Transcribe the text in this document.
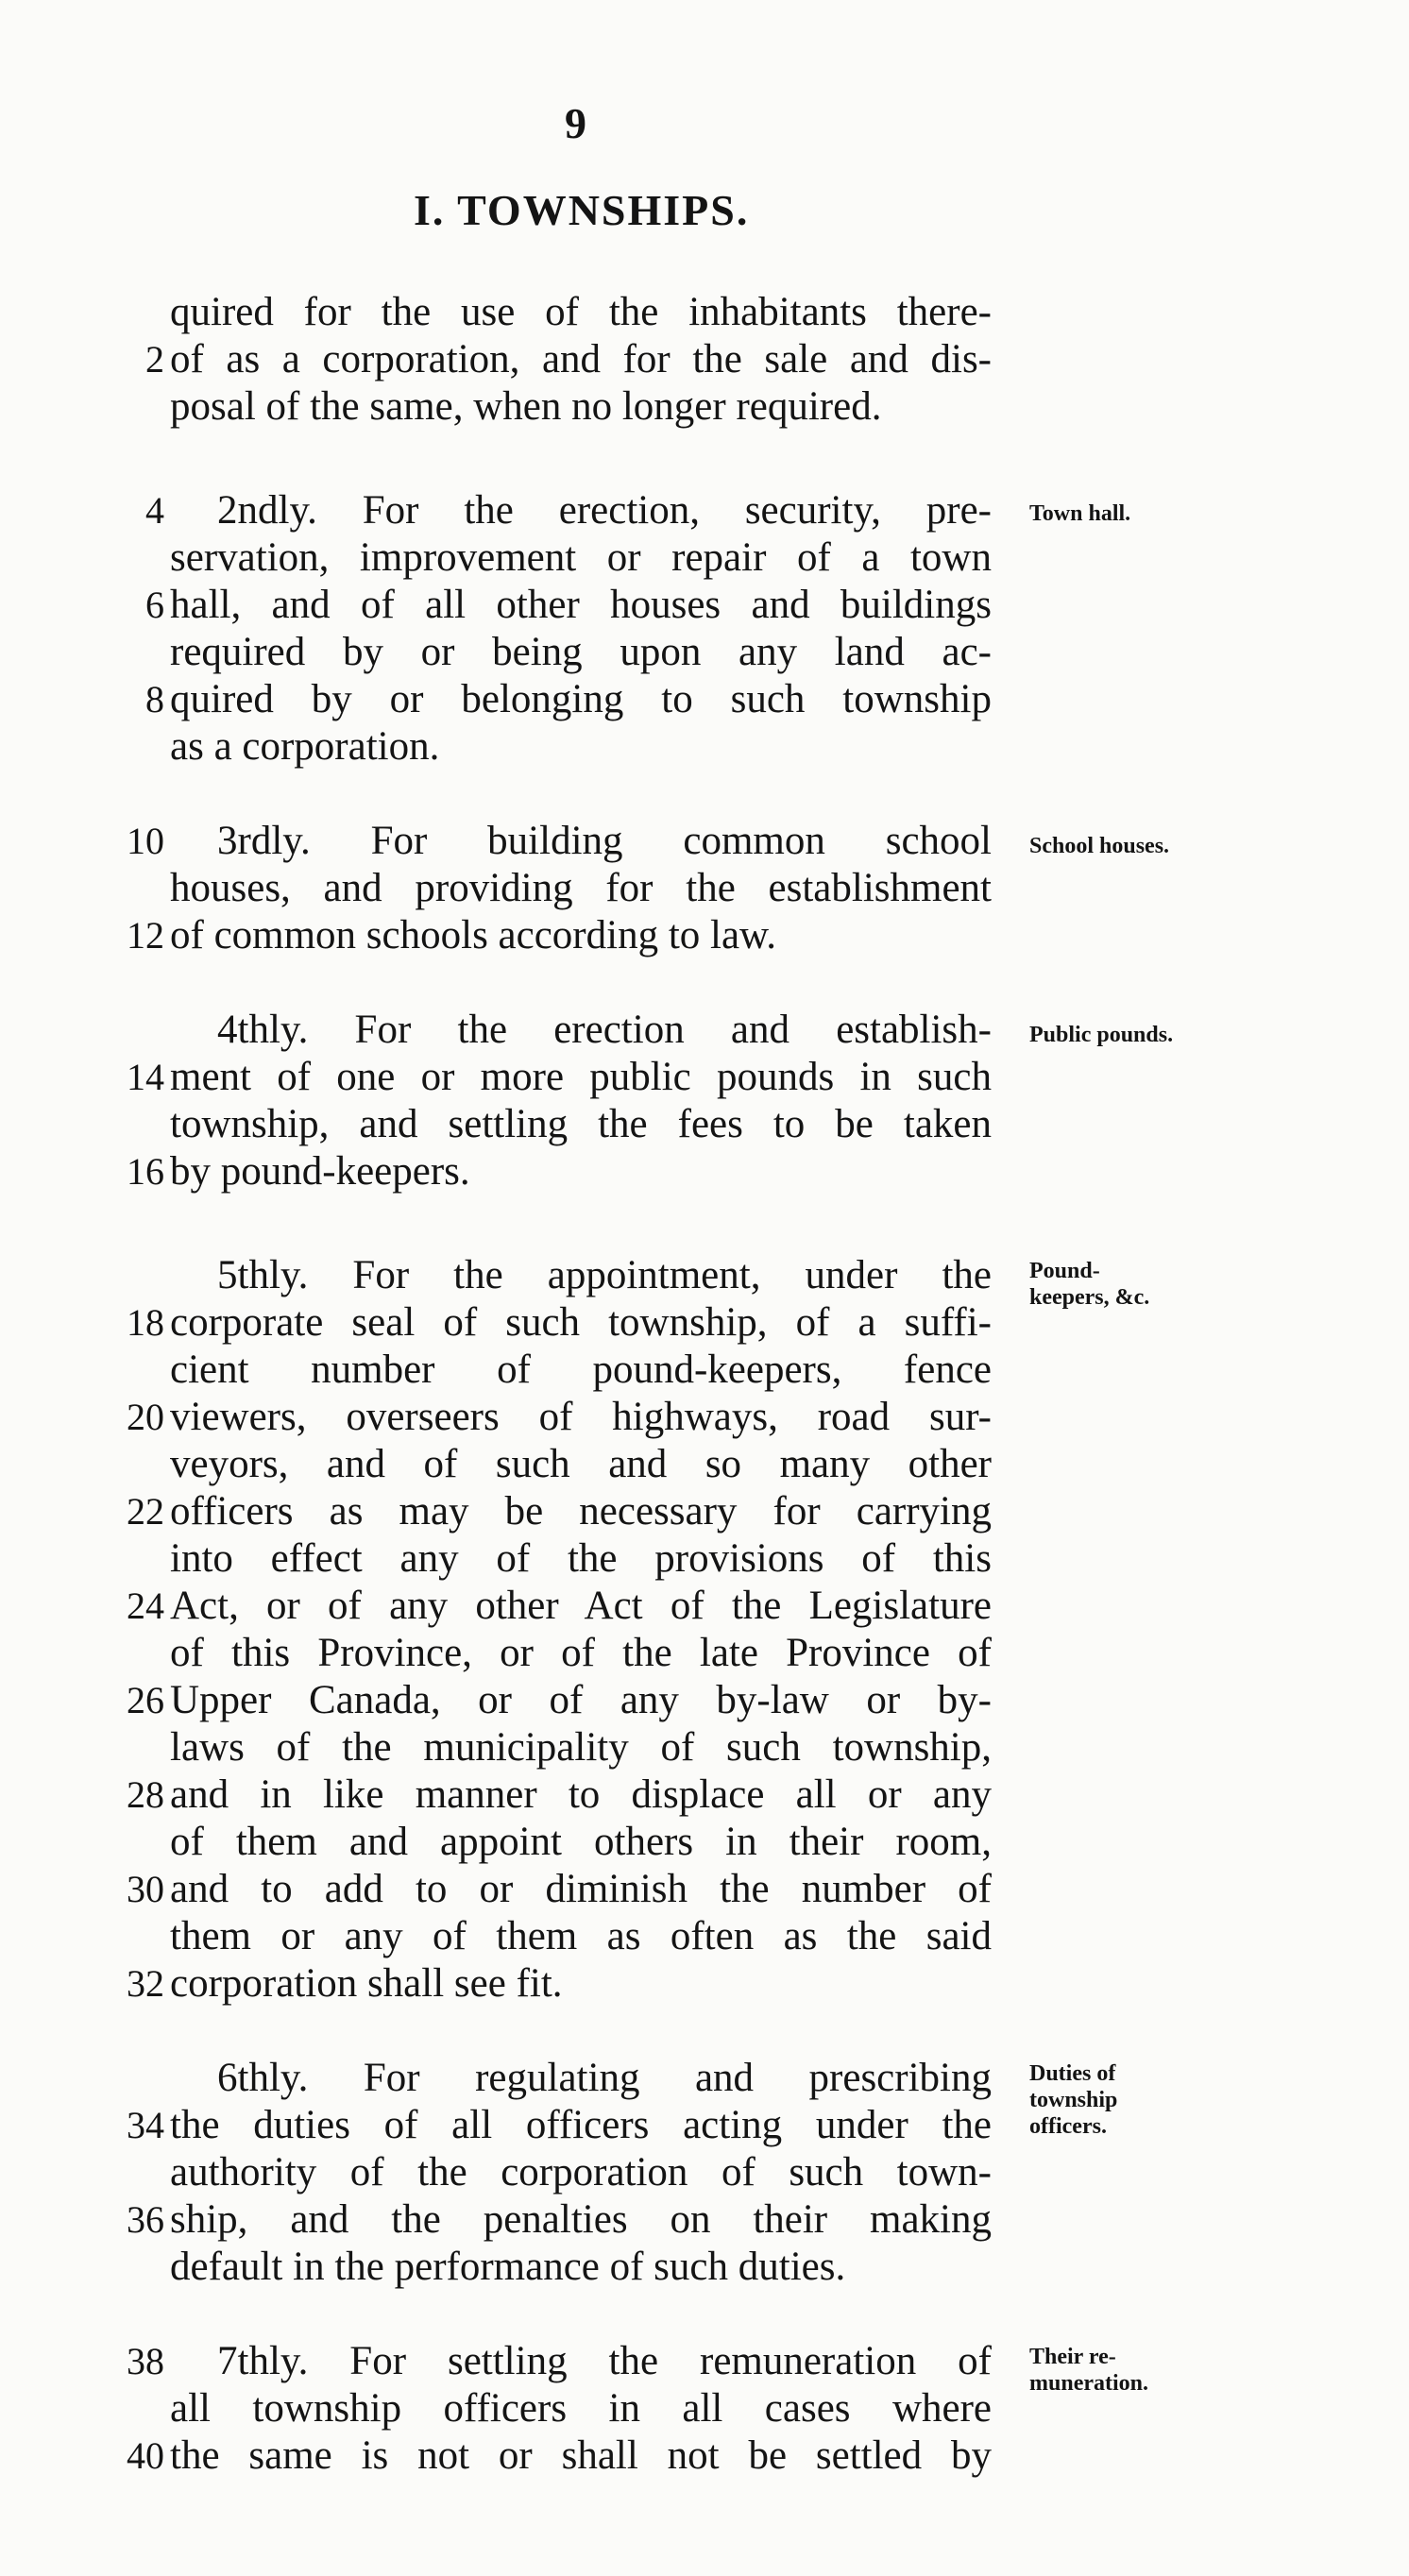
9
I. TOWNSHIPS.
quired for the use of the inhabitants there-
of as a corporation, and for the sale and dis-
2
posal of the same, when no longer required.
2ndly. For the erection, security, pre-
4
servation, improvement or repair of a town
hall, and of all other houses and buildings
6
required by or being upon any land ac-
quired by or belonging to such township
8
as a corporation.
3rdly. For building common school
10
houses, and providing for the establishment
of common schools according to law.
12
4thly. For the erection and establish-
ment of one or more public pounds in such
14
township, and settling the fees to be taken
by pound-keepers.
16
5thly. For the appointment, under the
corporate seal of such township, of a suffi-
18
cient number of pound-keepers, fence
viewers, overseers of highways, road sur-
20
veyors, and of such and so many other
officers as may be necessary for carrying
22
into effect any of the provisions of this
Act, or of any other Act of the Legislature
24
of this Province, or of the late Province of
Upper Canada, or of any by-law or by-
26
laws of the municipality of such township,
and in like manner to displace all or any
28
of them and appoint others in their room,
and to add to or diminish the number of
30
them or any of them as often as the said
corporation shall see fit.
32
6thly. For regulating and prescribing
the duties of all officers acting under the
34
authority of the corporation of such town-
ship, and the penalties on their making
36
default in the performance of such duties.
7thly. For settling the remuneration of
38
all township officers in all cases where
the same is not or shall not be settled by
40
Town hall.
School houses.
Public pounds.
Pound-
keepers, &c.
Duties of
township
officers.
Their re-
muneration.
